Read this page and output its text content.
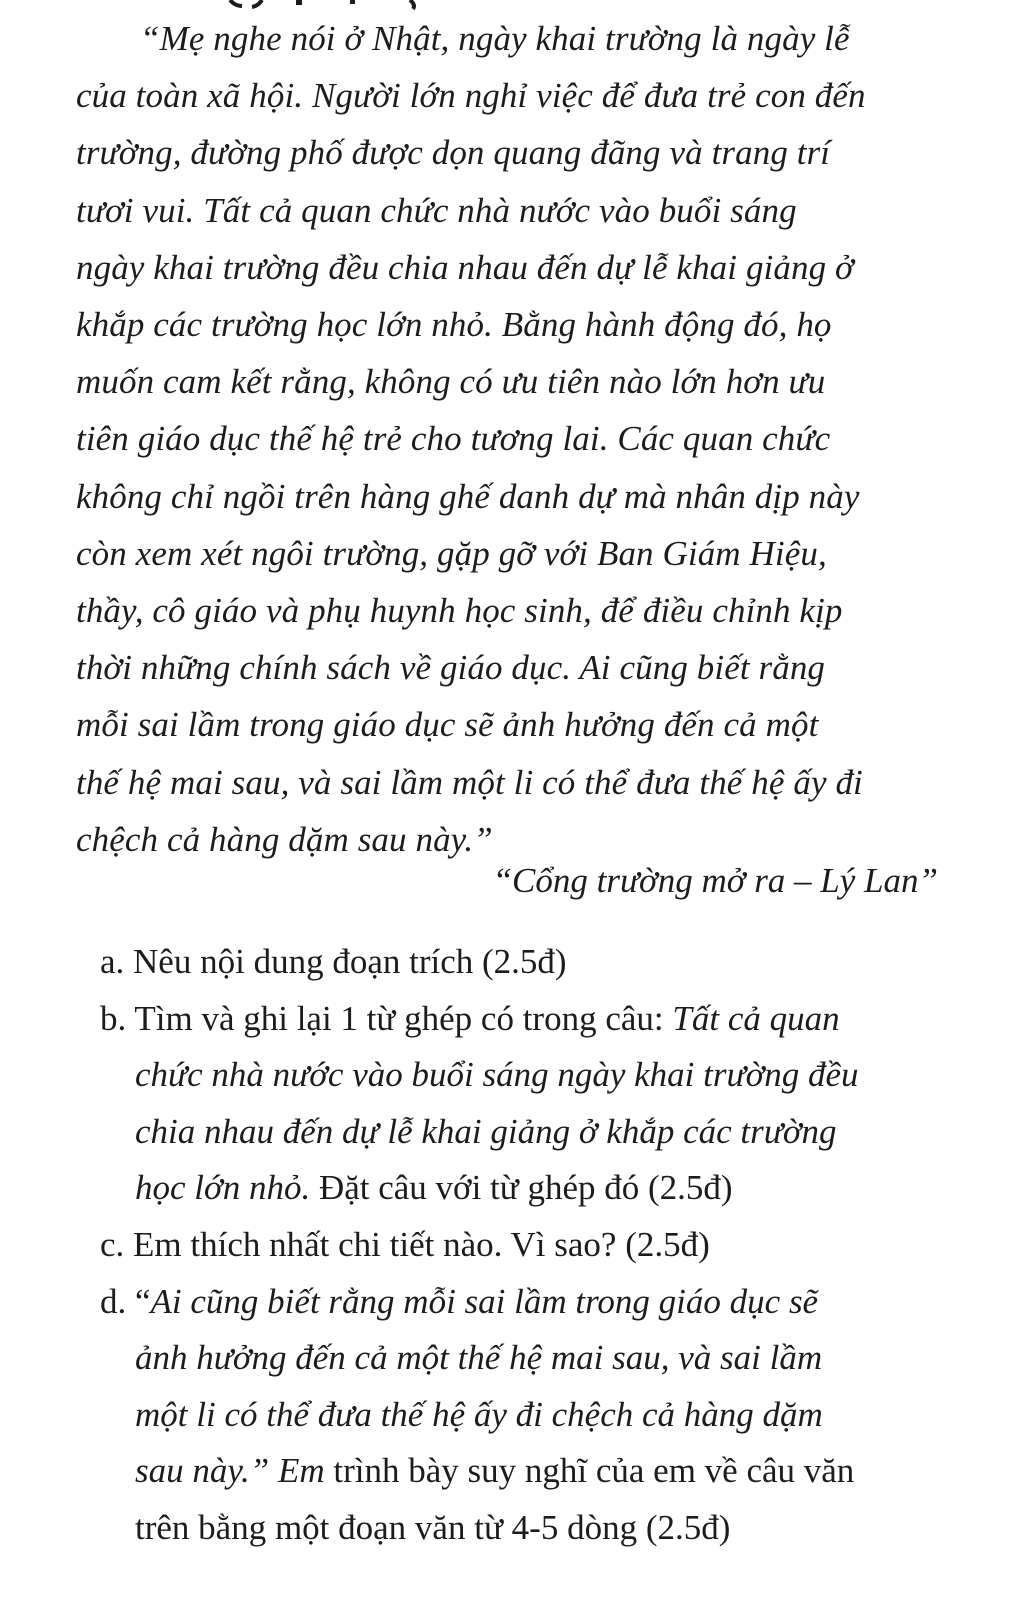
“Mẹ nghe nói ở Nhật, ngày khai trường là ngày lễ
của toàn xã hội. Người lớn nghỉ việc để đưa trẻ con đến
trường, đường phố được dọn quang đãng và trang trí
tươi vui. Tất cả quan chức nhà nước vào buổi sáng
ngày khai trường đều chia nhau đến dự lễ khai giảng ở
khắp các trường học lớn nhỏ. Bằng hành động đó, họ
muốn cam kết rằng, không có ưu tiên nào lớn hơn ưu
tiên giáo dục thế hệ trẻ cho tương lai. Các quan chức
không chỉ ngồi trên hàng ghế danh dự mà nhân dịp này
còn xem xét ngôi trường, gặp gỡ với Ban Giám Hiệu,
thầy, cô giáo và phụ huynh học sinh, để điều chỉnh kịp
thời những chính sách về giáo dục. Ai cũng biết rằng
mỗi sai lầm trong giáo dục sẽ ảnh hưởng đến cả một
thế hệ mai sau, và sai lầm một li có thể đưa thế hệ ấy đi
chệch cả hàng dặm sau này.”
“Cổng trường mở ra – Lý Lan”
a. Nêu nội dung đoạn trích (2.5đ)
b. Tìm và ghi lại 1 từ ghép có trong câu: Tất cả quan
chức nhà nước vào buổi sáng ngày khai trường đều
chia nhau đến dự lễ khai giảng ở khắp các trường
học lớn nhỏ. Đặt câu với từ ghép đó (2.5đ)
c. Em thích nhất chi tiết nào. Vì sao? (2.5đ)
d. “Ai cũng biết rằng mỗi sai lầm trong giáo dục sẽ
ảnh hưởng đến cả một thế hệ mai sau, và sai lầm
một li có thể đưa thế hệ ấy đi chệch cả hàng dặm
sau này.” Em trình bày suy nghĩ của em về câu văn
trên bằng một đoạn văn từ 4-5 dòng (2.5đ)
